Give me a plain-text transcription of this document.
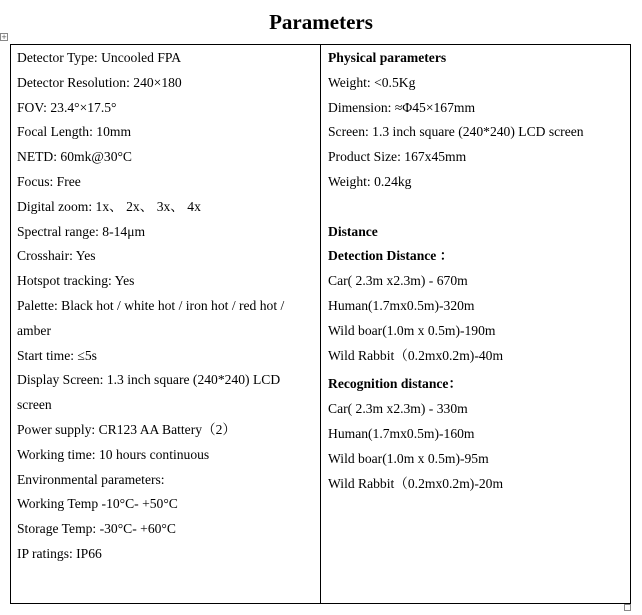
Parameters
+
Detector Type: Uncooled FPA
Detector Resolution: 240×180
FOV: 23.4°×17.5°
Focal Length: 10mm
NETD: 60mk@30°C
Focus: Free
Digital zoom: 1x、 2x、 3x、 4x
Spectral range: 8-14μm
Crosshair: Yes
Hotspot tracking: Yes
Palette: Black hot / white hot / iron hot / red hot / amber
Start time: ≤5s
Display Screen: 1.3 inch square (240*240) LCD screen
Power supply: CR123 AA Battery（2）
Working time: 10 hours continuous
Environmental parameters:
Working Temp -10°C- +50°C
Storage Temp: -30°C- +60°C
IP ratings: IP66
Physical parameters
Weight: <0.5Kg
Dimension: ≈Φ45×167mm
Screen: 1.3 inch square (240*240) LCD screen
Product Size: 167x45mm
Weight: 0.24kg
Distance
Detection Distance ：
Car( 2.3m x2.3m) - 670m
Human(1.7mx0.5m)-320m
Wild boar(1.0m x 0.5m)-190m
Wild Rabbit（0.2mx0.2m)-40m
Recognition distance：
Car( 2.3m x2.3m) - 330m
Human(1.7mx0.5m)-160m
Wild boar(1.0m x 0.5m)-95m
Wild Rabbit（0.2mx0.2m)-20m
